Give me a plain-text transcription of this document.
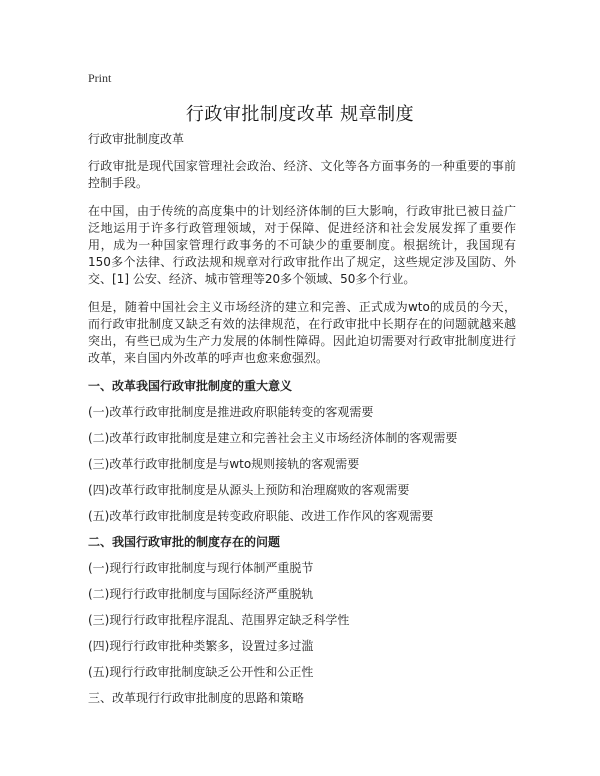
Print
行政审批制度改革 规章制度
行政审批制度改革

行政审批是现代国家管理社会政治、经济、文化等各方面事务的一种重要的事前控制手段。

在中国，由于传统的高度集中的计划经济体制的巨大影响，行政审批已被日益广泛地运用于许多行政管理领域，对于保障、促进经济和社会发展发挥了重要作用，成为一种国家管理行政事务的不可缺少的重要制度。根据统计，我国现有150多个法律、行政法规和规章对行政审批作出了规定，这些规定涉及国防、外交、[1] 公安、经济、城市管理等20多个领域、50多个行业。

但是，随着中国社会主义市场经济的建立和完善、正式成为wto的成员的今天，而行政审批制度又缺乏有效的法律规范，在行政审批中长期存在的问题就越来越突出，有些已成为生产力发展的体制性障碍。因此迫切需要对行政审批制度进行改革，来自国内外改革的呼声也愈来愈强烈。

一、改革我国行政审批制度的重大意义
(一)改革行政审批制度是推进政府职能转变的客观需要
(二)改革行政审批制度是建立和完善社会主义市场经济体制的客观需要
(三)改革行政审批制度是与wto规则接轨的客观需要
(四)改革行政审批制度是从源头上预防和治理腐败的客观需要
(五)改革行政审批制度是转变政府职能、改进工作作风的客观需要
二、我国行政审批的制度存在的问题
(一)现行行政审批制度与现行体制严重脱节
(二)现行行政审批制度与国际经济严重脱轨
(三)现行行政审批程序混乱、范围界定缺乏科学性
(四)现行行政审批种类繁多，设置过多过滥
(五)现行行政审批制度缺乏公开性和公正性
三、改革现行行政审批制度的思路和策略
